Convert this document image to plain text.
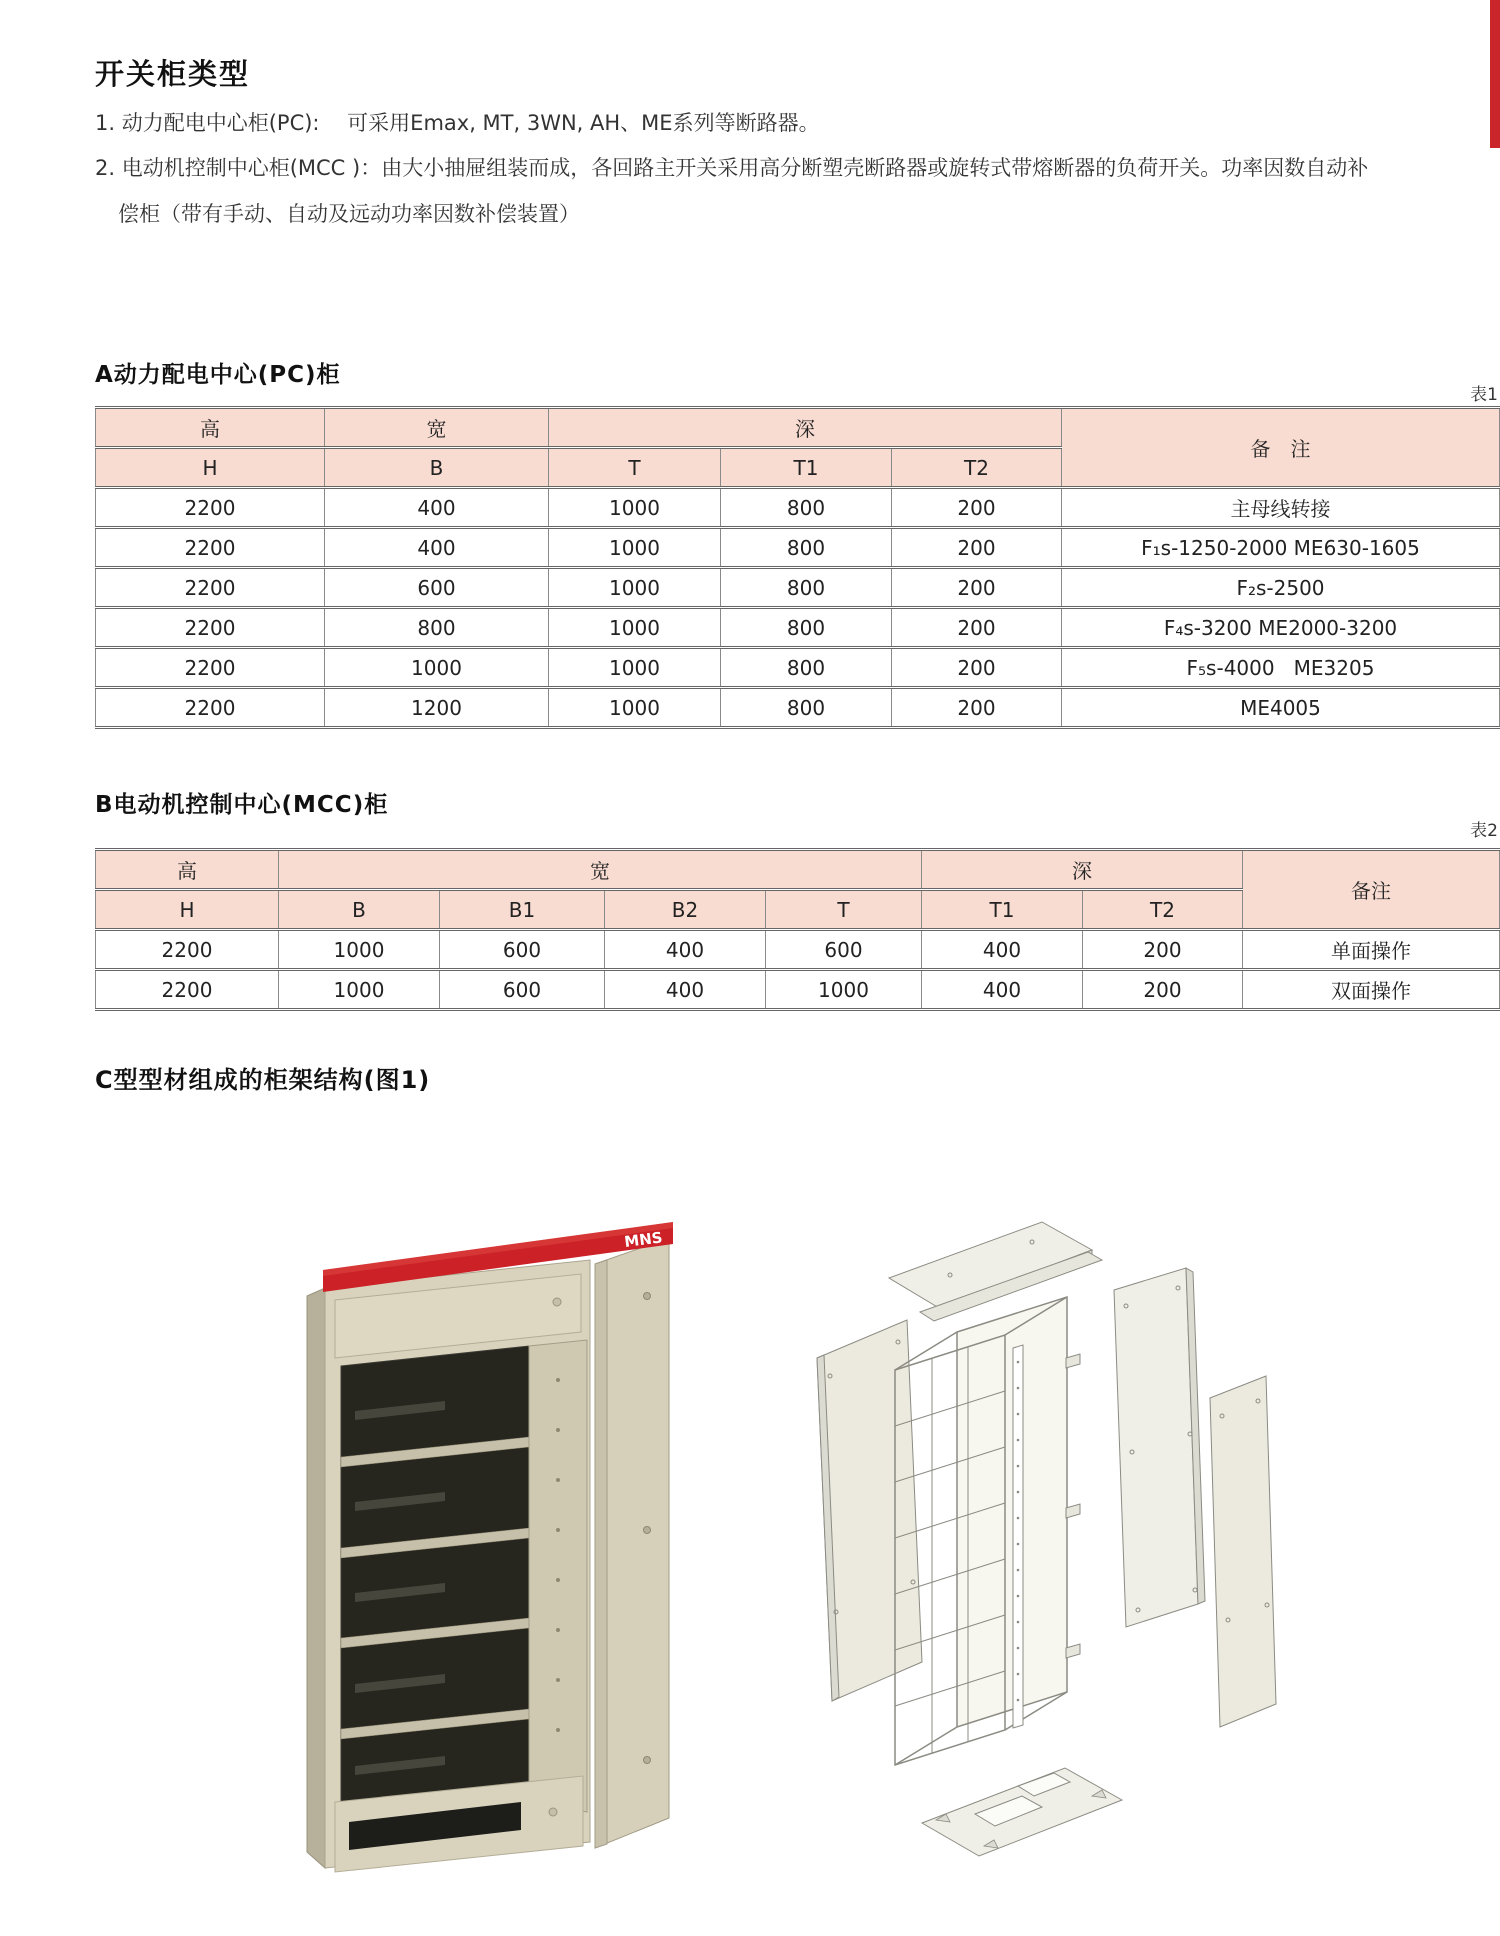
开关柜类型
1. 动力配电中心柜(PC):　 可采用Emax, MT, 3WN, AH、ME系列等断路器。
2. 电动机控制中心柜(MCC )：由大小抽屉组装而成，各回路主开关采用高分断塑壳断路器或旋转式带熔断器的负荷开关。功率因数自动补
偿柜（带有手动、自动及远动功率因数补偿装置）
A动力配电中心(PC)柜
表1
高	宽	深			备　注
H	B	T	T1	T2	
2200	400	1000	800	200	主母线转接
2200	400	1000	800	200	F₁s-1250-2000 ME630-1605
2200	600	1000	800	200	F₂s-2500
2200	800	1000	800	200	F₄s-3200 ME2000-3200
2200	1000	1000	800	200	F₅s-4000   ME3205
2200	1200	1000	800	200	ME4005
B电动机控制中心(MCC)柜
表2
高	宽				深		备注
H	B	B1	B2	T	T1	T2	
2200	1000	600	400	600	400	200	单面操作
2200	1000	600	400	1000	400	200	双面操作
C型型材组成的柜架结构(图1)
MNS
